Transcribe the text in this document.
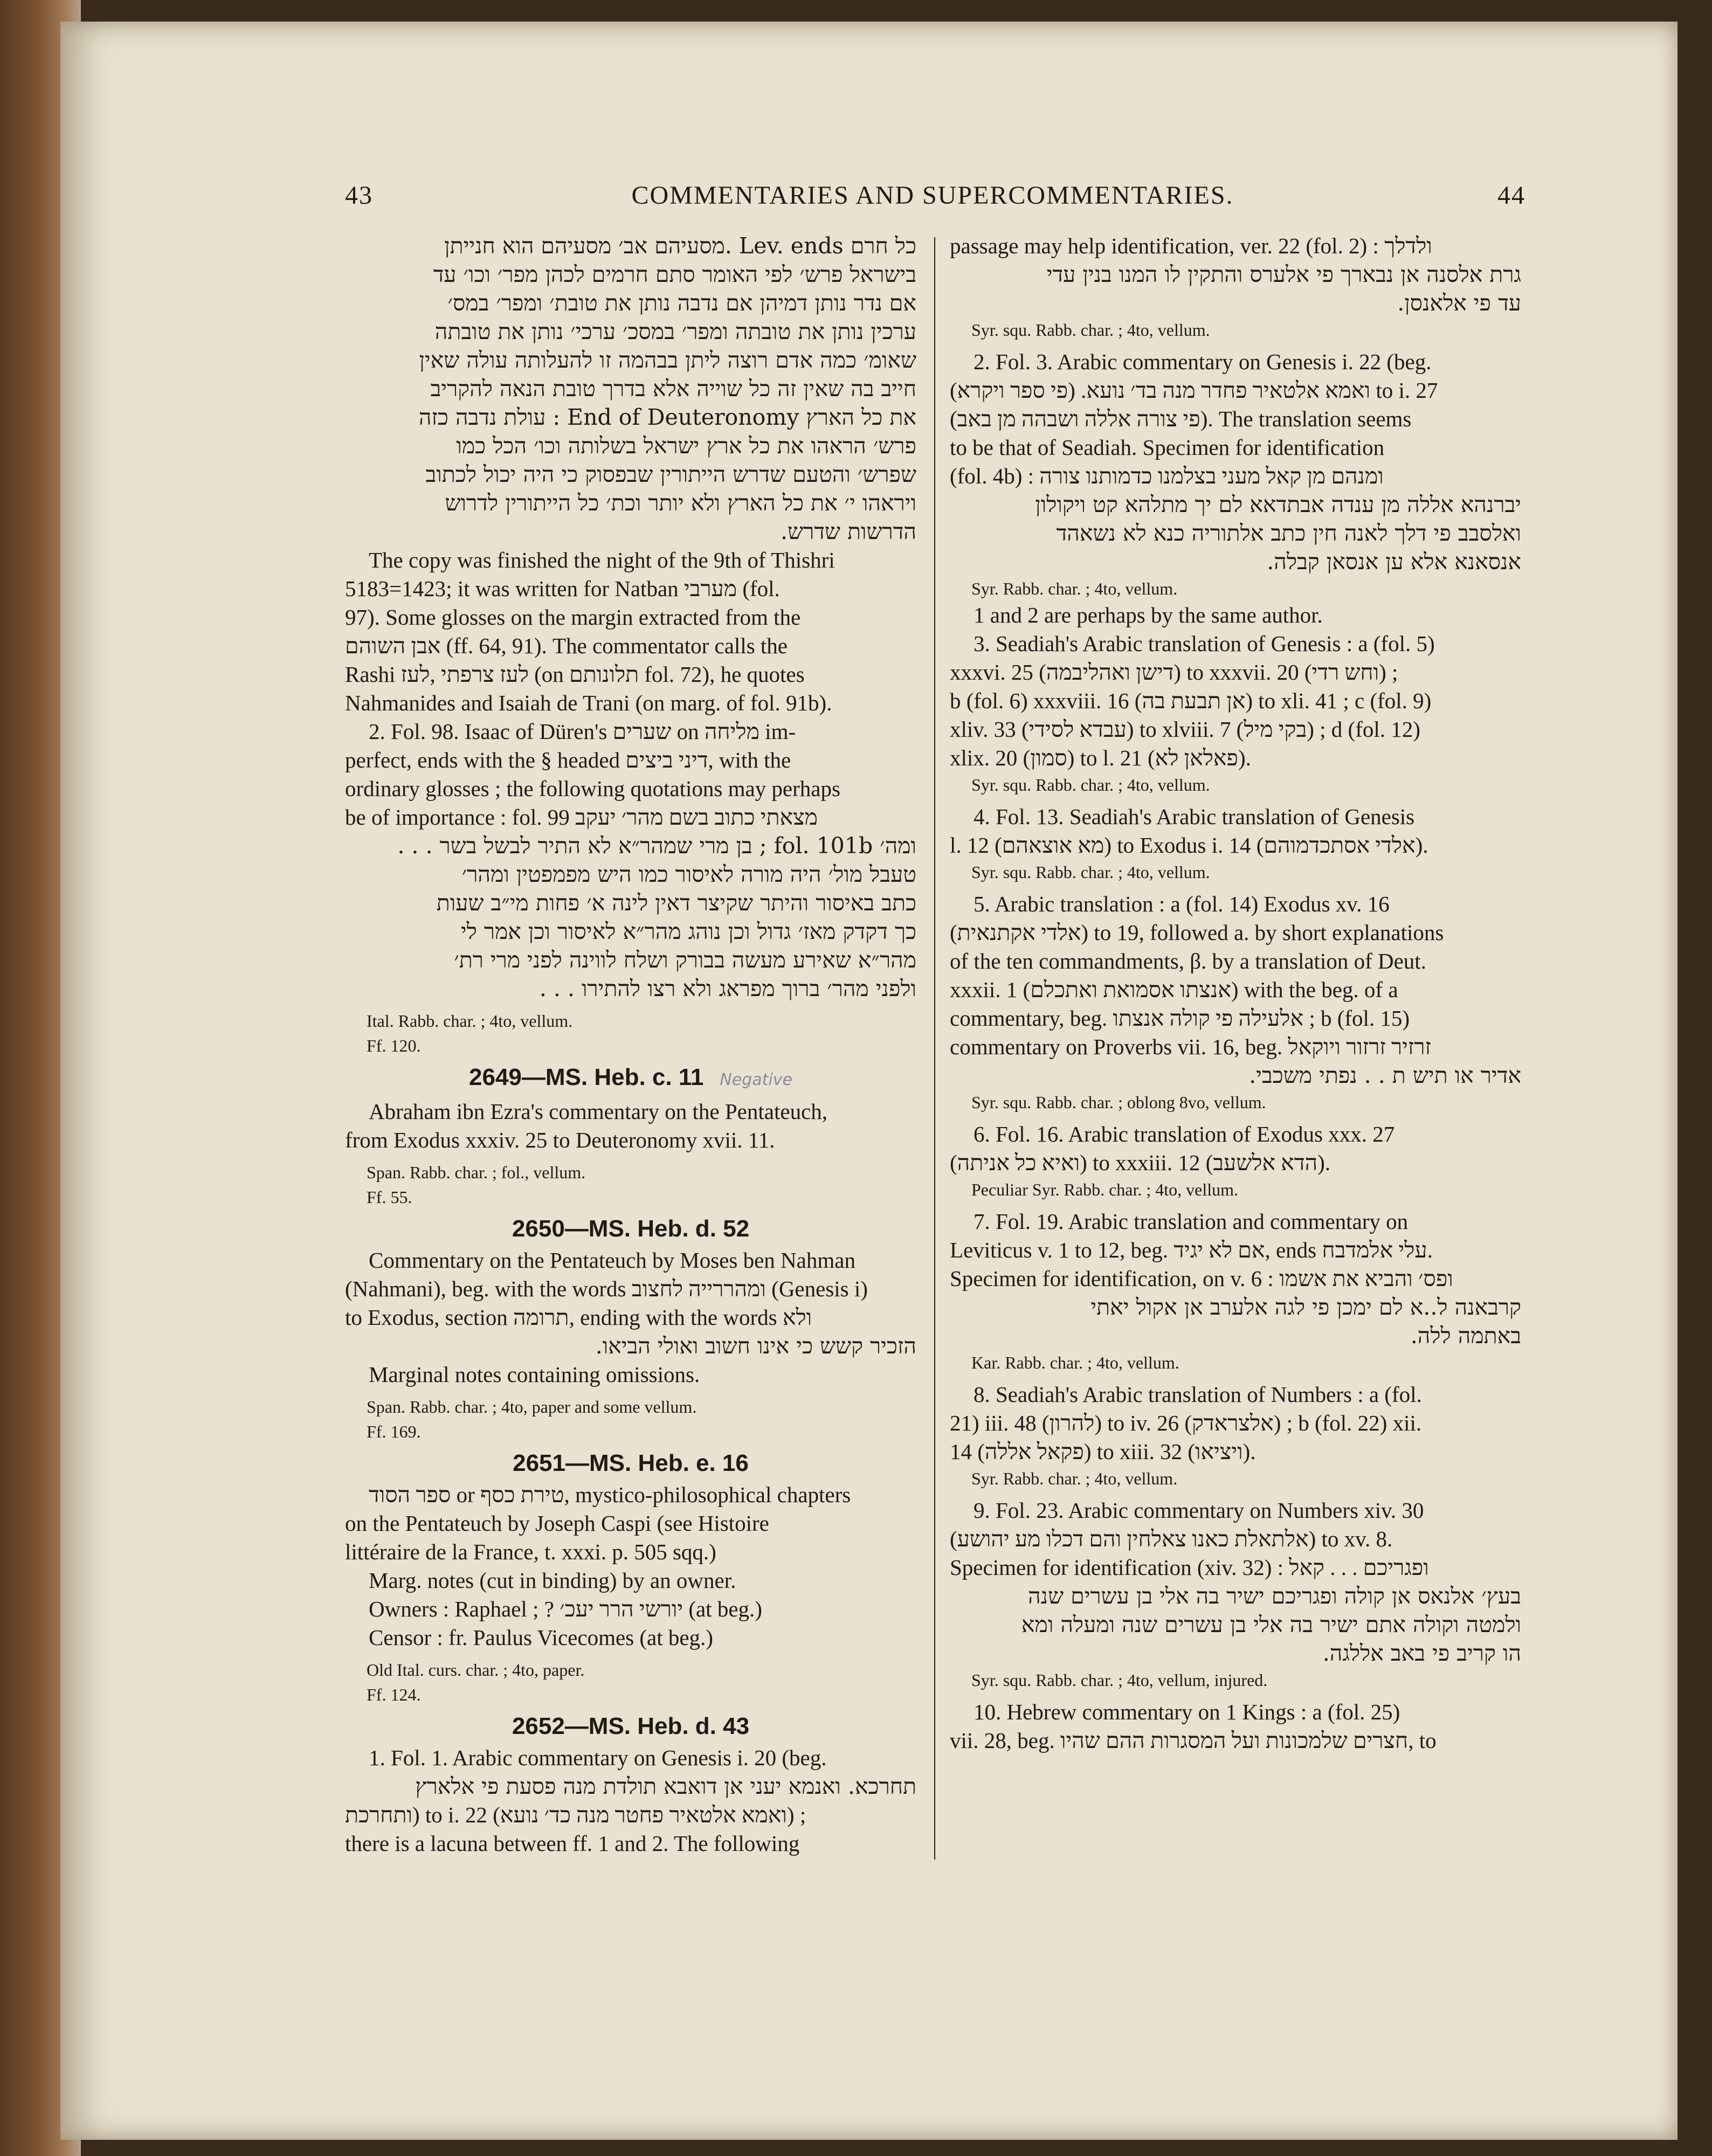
43	COMMENTARIES AND SUPERCOMMENTARIES.	44

כל חרם Lev. ends .מסעיהם אב׳ מסעיהם הוא חנייתן

בישראל פרש׳ לפי האומר סתם חרמים לכהן מפר׳ וכו׳ עד

אם נדר נותן דמיהן אם נדבה נותן את טובת׳ ומפר׳ במס׳

ערכין נותן את טובתה ומפר׳ במסכ׳ ערכי׳ נותן את טובתה

שאומ׳ כמה אדם רוצה ליתן בבהמה זו להעלותה עולה שאין

חייב בה שאין זה כל שוייה אלא בדרך טובת הנאה להקריב

את כל הארץ End of Deuteronomy : עולת נדבה כזה

פרש׳ הראהו את כל ארץ ישראל בשלותה וכו׳ הכל כמו

שפרש׳ והטעם שדרש הייתורין שבפסוק כי היה יכול לכתוב

ויראהו י׳ את כל הארץ ולא יותר וכת׳ כל הייתורין לדרוש

הדרשות שדרש.

The copy was finished the night of the 9th of Thishri

5183=1423; it was written for Natban מערבי (fol.

97). Some glosses on the margin extracted from the

אבן השוהם (ff. 64, 91). The commentator calls the

Rashi לעז צרפתי ,לעז (on תלונותם fol. 72), he quotes

Nahmanides and Isaiah de Trani (on marg. of fol. 91b).

2. Fol. 98. Isaac of Düren's שערים on מליחה im-

perfect, ends with the § headed דיני ביצים, with the

ordinary glosses ; the following quotations may perhaps

be of importance : fol. 99 מצאתי כתוב בשם מהר׳ יעקב

ומה׳ fol. 101b ; בן מרי שמהר״א לא התיר לבשל בשר . . .

טעבל מול׳ היה מורה לאיסור כמו היש מפמפטין ומהר׳

כתב באיסור והיתר שקיצר דאין לינה א׳ פחות מי״ב שעות

כך דקדק מאז׳ גדול וכן נוהג מהר״א לאיסור וכן אמר לי

מהר״א שאירע מעשה בבורק ושלח לווינה לפני מרי רת׳

ולפני מהר׳ ברוך מפראג ולא רצו להתירו . . .

Ital. Rabb. char. ; 4to, vellum.

Ff. 120.

2649—MS. Heb. c. 11 Negative

Abraham ibn Ezra's commentary on the Pentateuch,

from Exodus xxxiv. 25 to Deuteronomy xvii. 11.

Span. Rabb. char. ; fol., vellum.

Ff. 55.

2650—MS. Heb. d. 52

Commentary on the Pentateuch by Moses ben Nahman

(Nahmani), beg. with the words ומהררייה לחצוב (Genesis i)

to Exodus, section תרומה, ending with the words ולא

הזכיר קשש כי אינו חשוב ואולי הביאו.

Marginal notes containing omissions.

Span. Rabb. char. ; 4to, paper and some vellum.

Ff. 169.

2651—MS. Heb. e. 16

ספר הסוד or טירת כסף, mystico-philosophical chapters

on the Pentateuch by Joseph Caspi (see Histoire

littéraire de la France, t. xxxi. p. 505 sqq.)

Marg. notes (cut in binding) by an owner.

Owners : Raphael ; ? יורשי הרר יעכ׳ (at beg.)

Censor : fr. Paulus Vicecomes (at beg.)

Old Ital. curs. char. ; 4to, paper.

Ff. 124.

2652—MS. Heb. d. 43

1. Fol. 1. Arabic commentary on Genesis i. 20 (beg.

תחרכא. ואנמא יעני אן דואבא תולדת מנה פסעת פי אלארץ

ותחרכת) to i. 22 (ואמא אלטאיר פחטר מנה כד׳ נועא) ;

there is a lacuna between ff. 1 and 2. The following

passage may help identification, ver. 22 (fol. 2) : ולדלך

גרת אלסנה אן נבארך פי אלערס והתקין לו המנו בנין עדי

עד פי אלאנסן.

Syr. squ. Rabb. char. ; 4to, vellum.

2. Fol. 3. Arabic commentary on Genesis i. 22 (beg.

ואמא אלטאיר פחדר מנה בד׳ נועא. (פי ספר ויקרא) to i. 27

(פי צורה אללה ושבהה מן באב). The translation seems

to be that of Seadiah. Specimen for identification

(fol. 4b) : ומנהם מן קאל מעני בצלמנו כדמותנו צורה

יברנהא אללה מן ענדה אבתדאא לם יך מתלהא קט ויקולון

ואלסבב פי דלך לאנה חין כתב אלתוריה כנא לא נשאהד

אנסאנא אלא ען אנסאן קבלה.

Syr. Rabb. char. ; 4to, vellum.

1 and 2 are perhaps by the same author.

3. Seadiah's Arabic translation of Genesis : a (fol. 5)

xxxvi. 25 (דישן ואהליבמה) to xxxvii. 20 (וחש רדי) ;

b (fol. 6) xxxviii. 16 (אן תבעת בה) to xli. 41 ; c (fol. 9)

xliv. 33 (עבדא לסידי) to xlviii. 7 (בקי מיל) ; d (fol. 12)

xlix. 20 (סמון) to l. 21 (פאלאן לא).

Syr. squ. Rabb. char. ; 4to, vellum.

4. Fol. 13. Seadiah's Arabic translation of Genesis

l. 12 (מא אוצאהם) to Exodus i. 14 (אלדי אסתכדמוהם).

Syr. squ. Rabb. char. ; 4to, vellum.

5. Arabic translation : a (fol. 14) Exodus xv. 16

(אלדי אקתנאית) to 19, followed a. by short explanations

of the ten commandments, β. by a translation of Deut.

xxxii. 1 (אנצתו אסמואת ואתכלם) with the beg. of a

commentary, beg. אלעילה פי קולה אנצתו ; b (fol. 15)

commentary on Proverbs vii. 16, beg. זרזיר זרזור ויוקאל

אדיר או תיש ת . . נפתי משכבי.

Syr. squ. Rabb. char. ; oblong 8vo, vellum.

6. Fol. 16. Arabic translation of Exodus xxx. 27

(ואיא כל אניתה) to xxxiii. 12 (הדא אלשעב).

Peculiar Syr. Rabb. char. ; 4to, vellum.

7. Fol. 19. Arabic translation and commentary on

Leviticus v. 1 to 12, beg. אם לא יגיד, ends עלי אלמדבח.

Specimen for identification, on v. 6 : ופס׳ והביא את אשמו

קרבאנה ל..א לם ימכן פי לגה אלערב אן אקול יאתי

באתמה ללה.

Kar. Rabb. char. ; 4to, vellum.

8. Seadiah's Arabic translation of Numbers : a (fol.

21) iii. 48 (להרון) to iv. 26 (אלצראדק) ; b (fol. 22) xii.

14 (פקאל אללה) to xiii. 32 (ויציאו).

Syr. Rabb. char. ; 4to, vellum.

9. Fol. 23. Arabic commentary on Numbers xiv. 30

(אלתאלת כאנו צאלחין והם דכלו מע יהושע) to xv. 8.

Specimen for identification (xiv. 32) : ופגריכם . . . קאל

בעץ׳ אלנאס אן קולה ופגריכם ישיר בה אלי בן עשרים שנה

ולמטה וקולה אתם ישיר בה אלי בן עשרים שנה ומעלה ומא

הו קריב פי באב אללגה.

Syr. squ. Rabb. char. ; 4to, vellum, injured.

10. Hebrew commentary on 1 Kings : a (fol. 25)

vii. 28, beg. חצרים שלמכונות ועל המסגרות ההם שהיו, to
